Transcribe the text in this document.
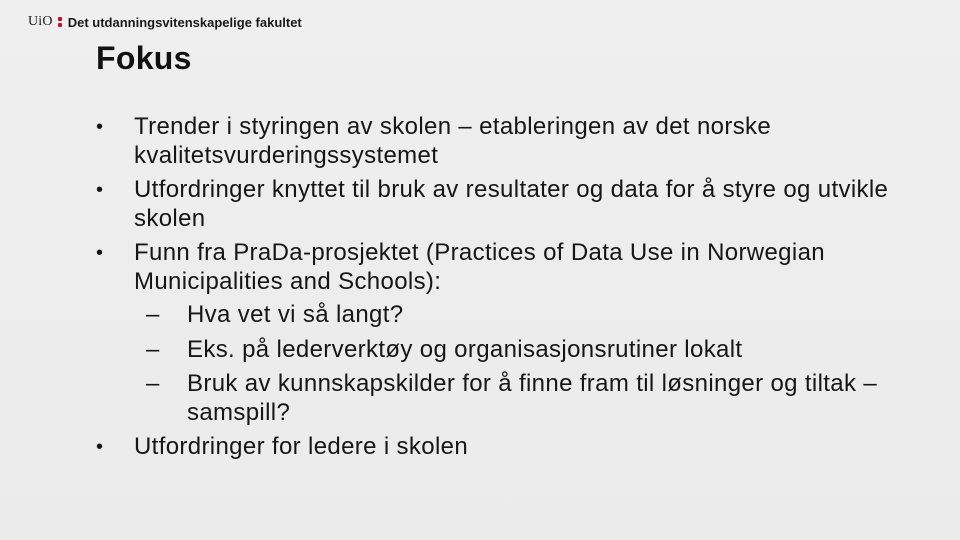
UiO Det utdanningsvitenskapelige fakultet
Fokus
• Trender i styringen av skolen – etableringen av det norske kvalitetsvurderingssystemet
• Utfordringer knyttet til bruk av resultater og data for å styre og utvikle skolen
• Funn fra PraDa-prosjektet (Practices of Data Use in Norwegian Municipalities and Schools):
– Hva vet vi så langt?
– Eks. på lederverktøy og organisasjonsrutiner lokalt
– Bruk av kunnskapskilder for å finne fram til løsninger og tiltak – samspill?
• Utfordringer for ledere i skolen
